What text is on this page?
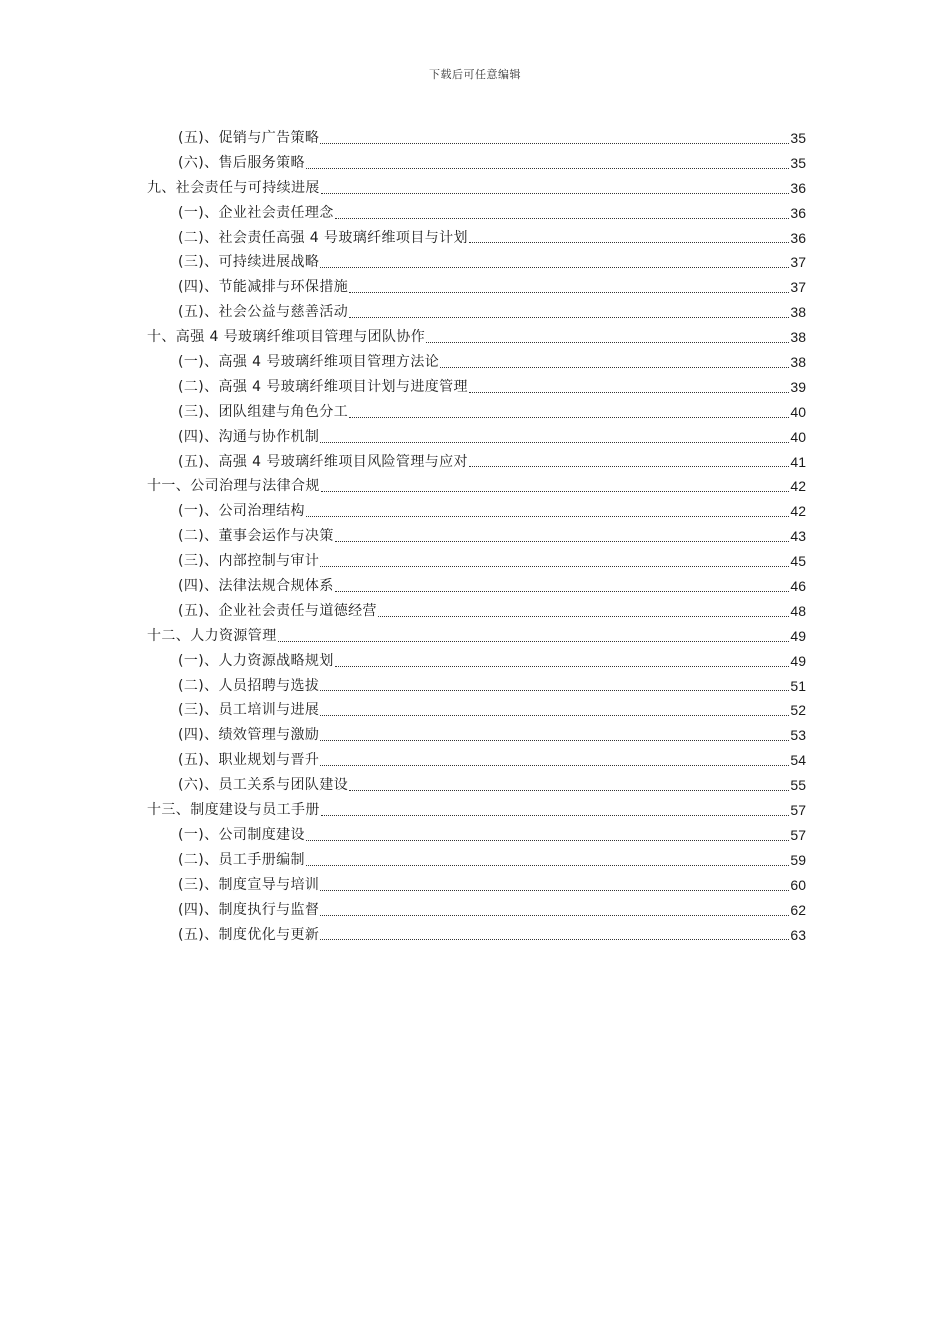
下载后可任意编辑
(五)、促销与广告策略	35
(六)、售后服务策略	35
九、社会责任与可持续进展	36
(一)、企业社会责任理念	36
(二)、社会责任高强 4 号玻璃纤维项目与计划	36
(三)、可持续进展战略	37
(四)、节能减排与环保措施	37
(五)、社会公益与慈善活动	38
十、高强 4 号玻璃纤维项目管理与团队协作	38
(一)、高强 4 号玻璃纤维项目管理方法论	38
(二)、高强 4 号玻璃纤维项目计划与进度管理	39
(三)、团队组建与角色分工	40
(四)、沟通与协作机制	40
(五)、高强 4 号玻璃纤维项目风险管理与应对	41
十一、公司治理与法律合规	42
(一)、公司治理结构	42
(二)、董事会运作与决策	43
(三)、内部控制与审计	45
(四)、法律法规合规体系	46
(五)、企业社会责任与道德经营	48
十二、人力资源管理	49
(一)、人力资源战略规划	49
(二)、人员招聘与选拔	51
(三)、员工培训与进展	52
(四)、绩效管理与激励	53
(五)、职业规划与晋升	54
(六)、员工关系与团队建设	55
十三、制度建设与员工手册	57
(一)、公司制度建设	57
(二)、员工手册编制	59
(三)、制度宣导与培训	60
(四)、制度执行与监督	62
(五)、制度优化与更新	63
